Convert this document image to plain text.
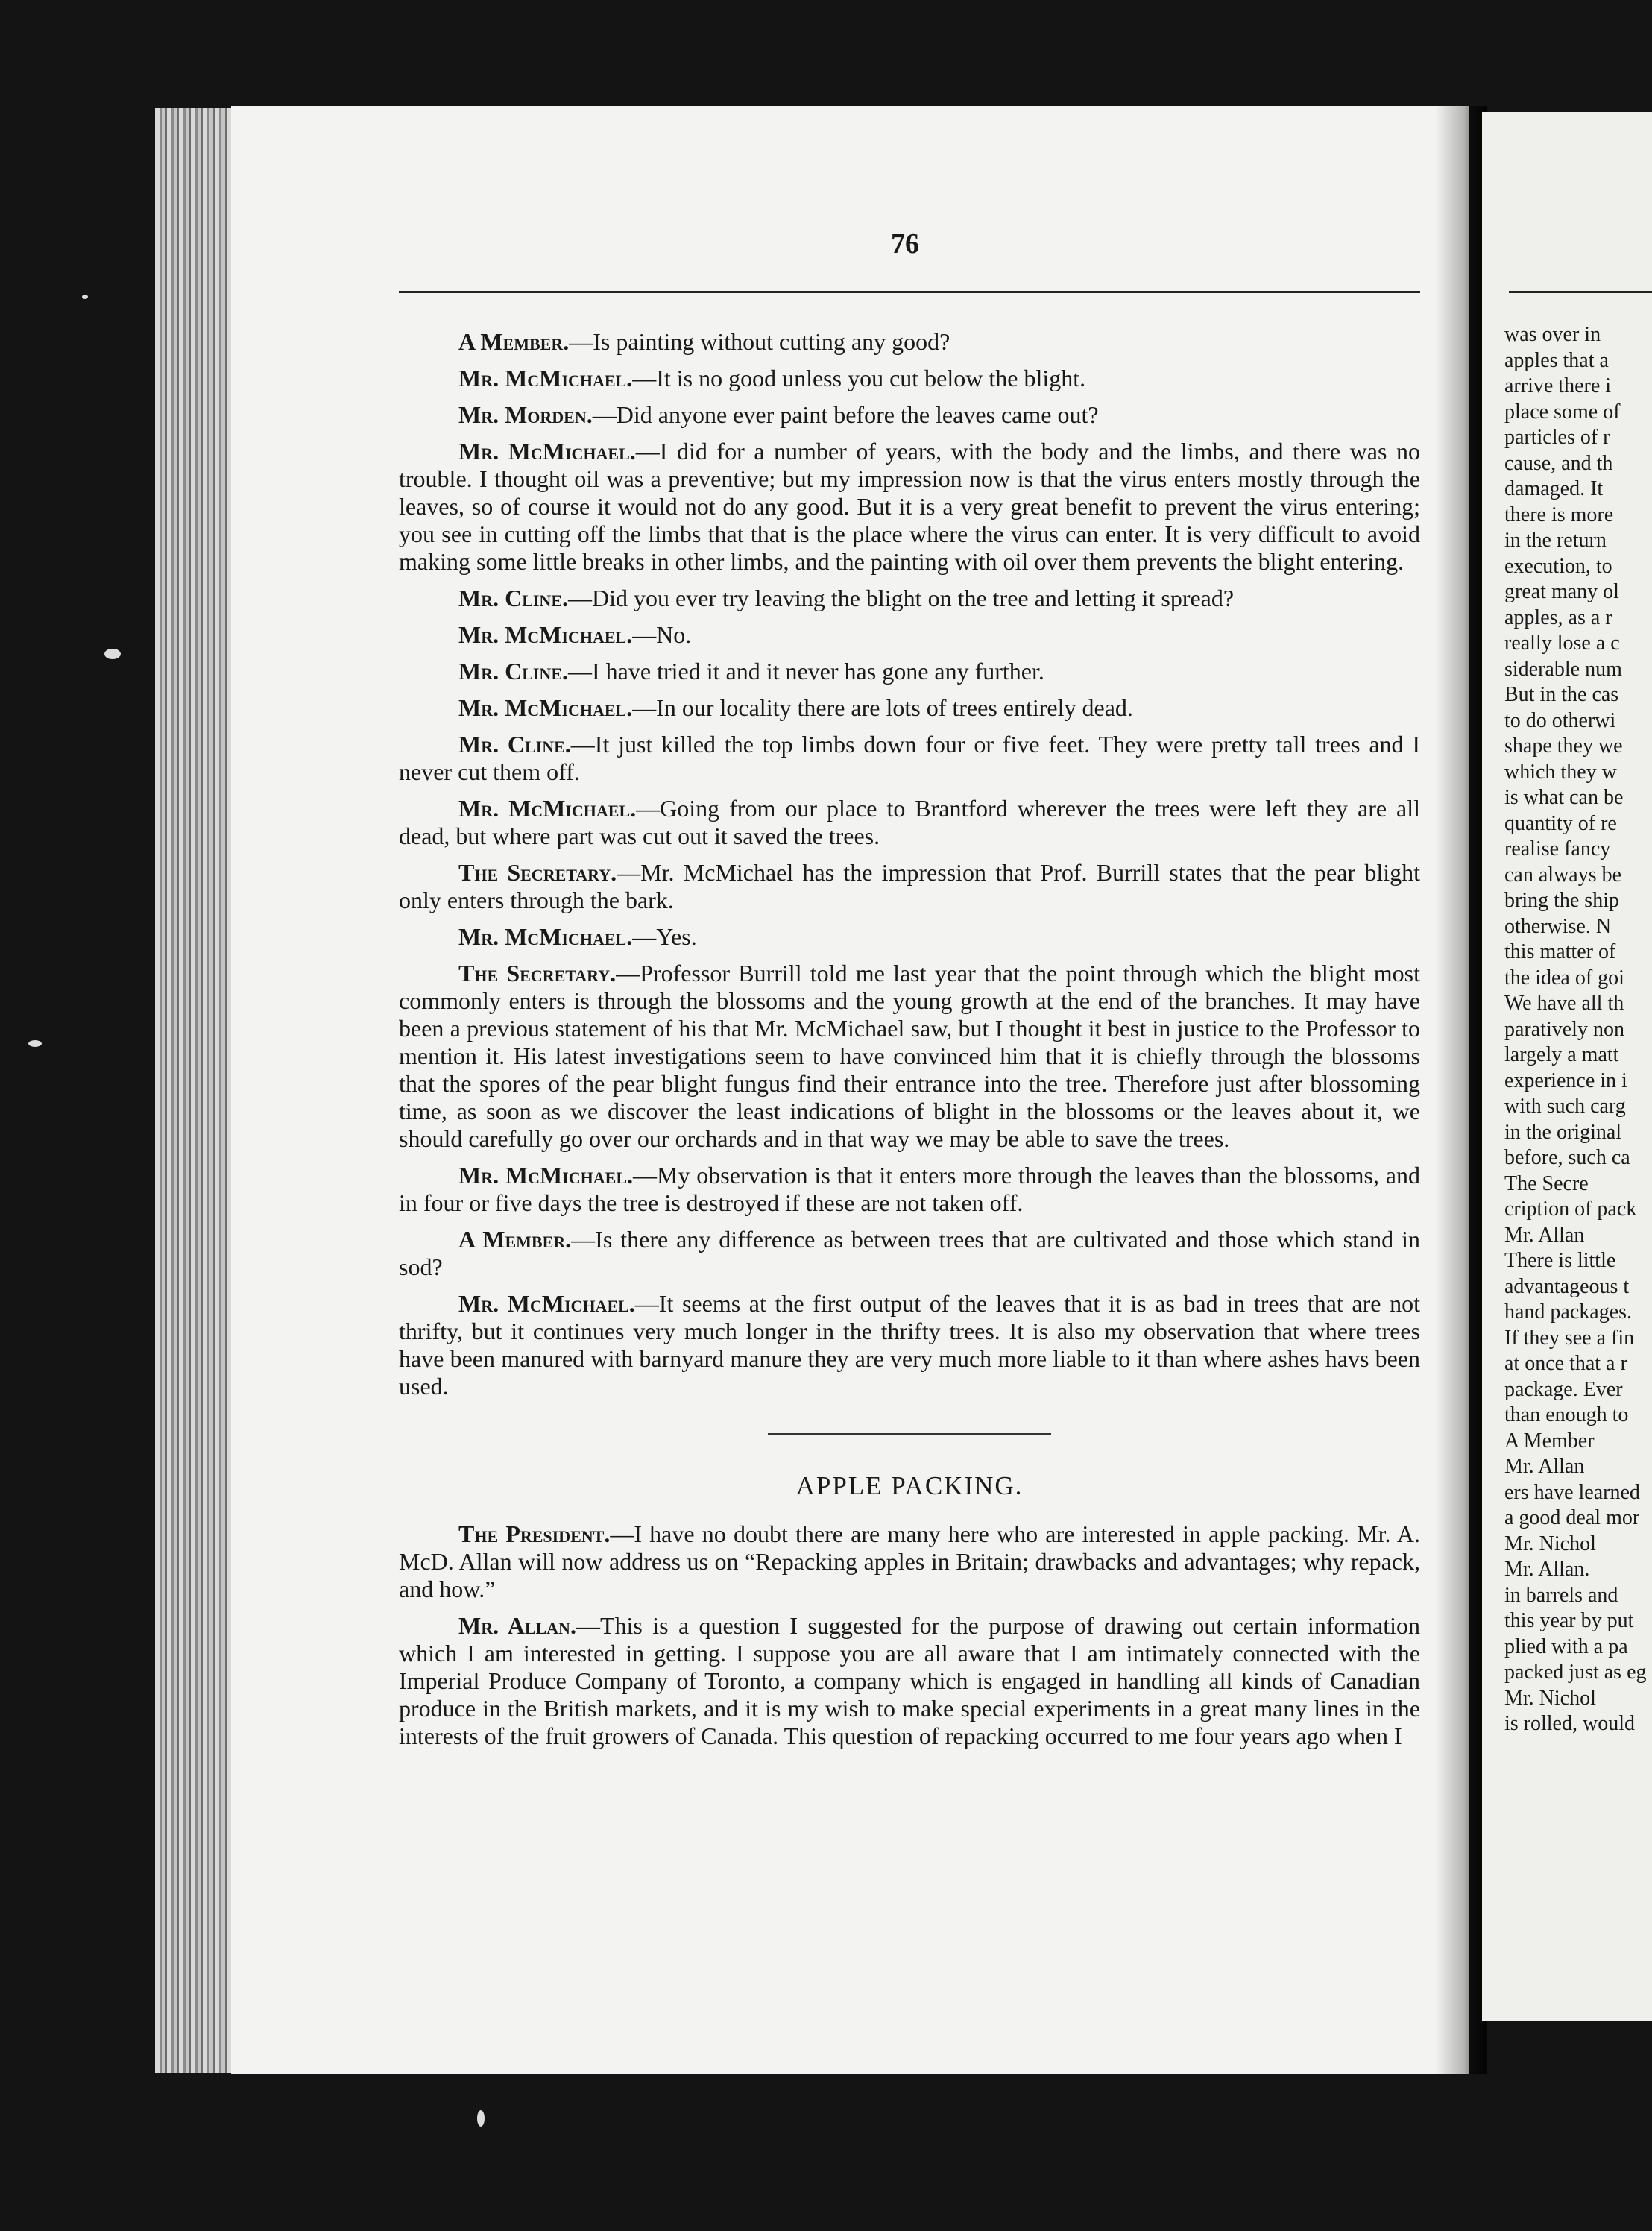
was over in
apples that a
arrive there i
place some of
particles of r
cause, and th
damaged. It
there is more
in the return
execution, to
great many ol
apples, as a r
really lose a c
siderable num
But in the cas
to do otherwi
shape they we
which they w
is what can be
quantity of re
realise fancy
can always be
bring the ship
otherwise. N
this matter of
the idea of goi
We have all th
paratively non
largely a matt
experience in i
with such carg
in the original
before, such ca
The Secre
cription of pack
Mr. Allan
There is little
advantageous t
hand packages.
If they see a fin
at once that a r
package. Ever
than enough to
A Member
Mr. Allan
ers have learned
a good deal mor
Mr. Nichol
Mr. Allan.
in barrels and
this year by put
plied with a pa
packed just as eg
Mr. Nichol
is rolled, would
76

A Member.—Is painting without cutting any good?

Mr. McMichael.—It is no good unless you cut below the blight.

Mr. Morden.—Did anyone ever paint before the leaves came out?

Mr. McMichael.—I did for a number of years, with the body and the limbs, and there was no trouble. I thought oil was a preventive; but my impression now is that the virus enters mostly through the leaves, so of course it would not do any good. But it is a very great benefit to prevent the virus entering; you see in cutting off the limbs that that is the place where the virus can enter. It is very difficult to avoid making some little breaks in other limbs, and the painting with oil over them prevents the blight entering.

Mr. Cline.—Did you ever try leaving the blight on the tree and letting it spread?

Mr. McMichael.—No.

Mr. Cline.—I have tried it and it never has gone any further.

Mr. McMichael.—In our locality there are lots of trees entirely dead.

Mr. Cline.—It just killed the top limbs down four or five feet. They were pretty tall trees and I never cut them off.

Mr. McMichael.—Going from our place to Brantford wherever the trees were left they are all dead, but where part was cut out it saved the trees.

The Secretary.—Mr. McMichael has the impression that Prof. Burrill states that the pear blight only enters through the bark.

Mr. McMichael.—Yes.

The Secretary.—Professor Burrill told me last year that the point through which the blight most commonly enters is through the blossoms and the young growth at the end of the branches. It may have been a previous statement of his that Mr. McMichael saw, but I thought it best in justice to the Professor to mention it. His latest investigations seem to have convinced him that it is chiefly through the blossoms that the spores of the pear blight fungus find their entrance into the tree. Therefore just after blossoming time, as soon as we discover the least indications of blight in the blossoms or the leaves about it, we should carefully go over our orchards and in that way we may be able to save the trees.

Mr. McMichael.—My observation is that it enters more through the leaves than the blossoms, and in four or five days the tree is destroyed if these are not taken off.

A Member.—Is there any difference as between trees that are cultivated and those which stand in sod?

Mr. McMichael.—It seems at the first output of the leaves that it is as bad in trees that are not thrifty, but it continues very much longer in the thrifty trees. It is also my observation that where trees have been manured with barnyard manure they are very much more liable to it than where ashes havs been used.

APPLE PACKING.

The President.—I have no doubt there are many here who are interested in apple packing. Mr. A. McD. Allan will now address us on “Repacking apples in Britain; drawbacks and advantages; why repack, and how.”

Mr. Allan.—This is a question I suggested for the purpose of drawing out certain information which I am interested in getting. I suppose you are all aware that I am intimately connected with the Imperial Produce Company of Toronto, a company which is engaged in handling all kinds of Canadian produce in the British markets, and it is my wish to make special experiments in a great many lines in the interests of the fruit growers of Canada. This question of repacking occurred to me four years ago when I
